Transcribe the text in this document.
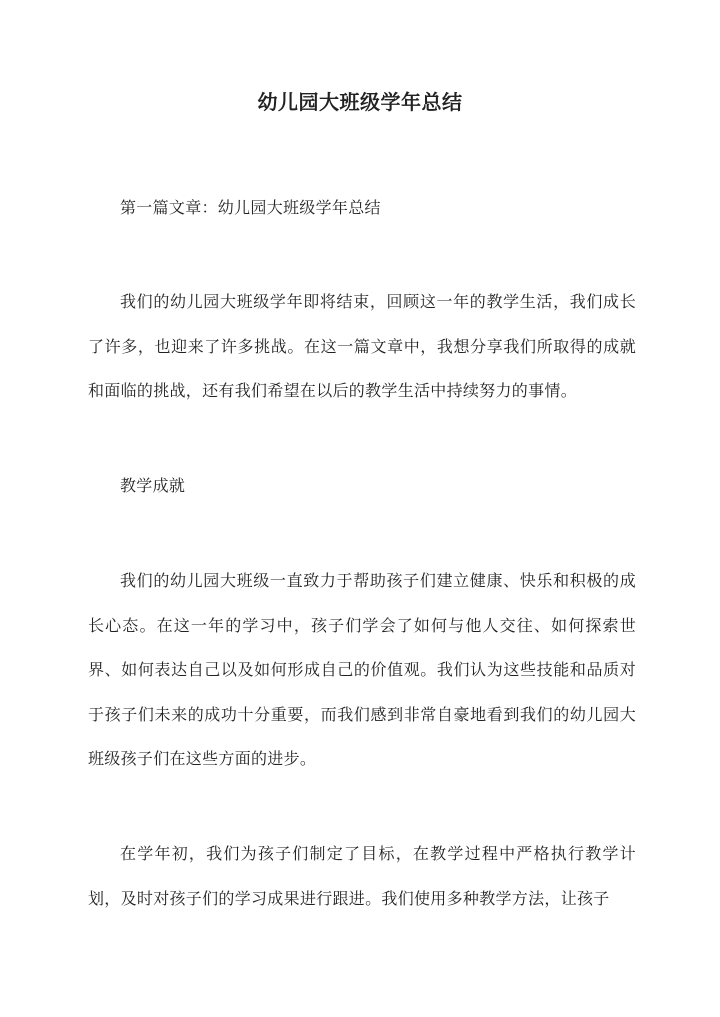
幼儿园大班级学年总结

第一篇文章：幼儿园大班级学年总结

我们的幼儿园大班级学年即将结束，回顾这一年的教学生活，我们成长了许多，也迎来了许多挑战。在这一篇文章中，我想分享我们所取得的成就和面临的挑战，还有我们希望在以后的教学生活中持续努力的事情。

教学成就

我们的幼儿园大班级一直致力于帮助孩子们建立健康、快乐和积极的成长心态。在这一年的学习中，孩子们学会了如何与他人交往、如何探索世界、如何表达自己以及如何形成自己的价值观。我们认为这些技能和品质对于孩子们未来的成功十分重要，而我们感到非常自豪地看到我们的幼儿园大班级孩子们在这些方面的进步。

在学年初，我们为孩子们制定了目标，在教学过程中严格执行教学计划，及时对孩子们的学习成果进行跟进。我们使用多种教学方法，让孩子
